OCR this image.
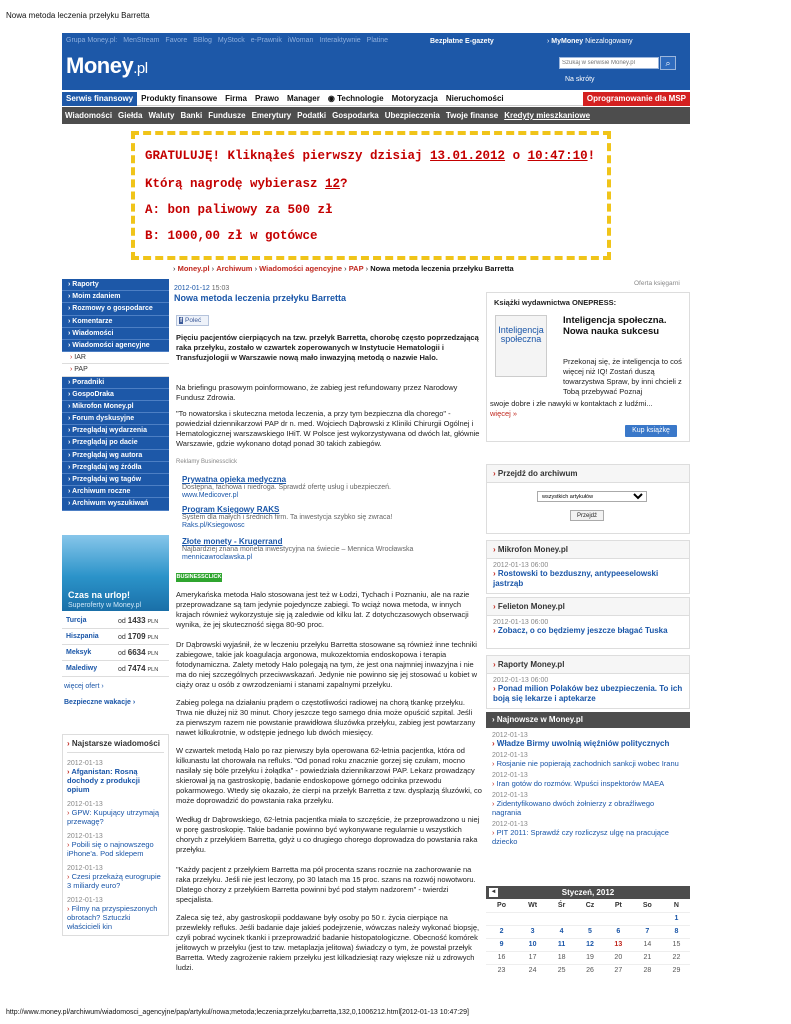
Nowa metoda leczenia przełyku Barretta
Grupa Money.pl: MenStream Favore BBlog MyStock e-Prawnik iWoman Interaktywnie Platine
Money.pl
Bezpłatne E-gazety	› MyMoney Niezalogowany
Szukaj w serwisie Money.pl
⌕
Na skróty
Serwis finansowy Produkty finansowe Firma Prawo Manager ◉ Technologie Motoryzacja Nieruchomości	Oprogramowanie dla MSP
Wiadomości Giełda Waluty Banki Fundusze Emerytury Podatki Gospodarka Ubezpieczenia Twoje finanse Kredyty mieszkaniowe

GRATULUJĘ! Kliknąłeś pierwszy dzisiaj 13.01.2012 o 10:47:10!

Którą nagrodę wybierasz 12?

A: bon paliwowy za 500 zł

B: 1000,00 zł w gotówce

› Money.pl › Archiwum › Wiadomości agencyjne › PAP › Nowa metoda leczenia przełyku Barretta
› Raporty
› Moim zdaniem
› Rozmowy o gospodarce
› Komentarze
› Wiadomości
› Wiadomości agencyjne
› IAR
› PAP
› Poradniki
› GospoDraka
› Mikrofon Money.pl
› Forum dyskusyjne
› Przeglądaj wydarzenia
› Przeglądaj po dacie
› Przeglądaj wg autora
› Przeglądaj wg źródła
› Przeglądaj wg tagów
› Archiwum roczne
› Archiwum wyszukiwań
Czas na urlop!
Superoferty w Money.pl
Turcja	od 1433 PLN
Hiszpania	od 1709 PLN
Meksyk	od 6634 PLN
Malediwy	od 7474 PLN
więcej ofert ›
Bezpieczne wakacje ›
› Najstarsze wiadomości
2012-01-13
› Afganistan: Rosną dochody z produkcji opium
2012-01-13
› GPW: Kupujący utrzymają przewagę?
2012-01-13
› Pobili się o najnowszego iPhone'a. Pod sklepem
2012-01-13
› Czesi przekażą eurogrupie 3 miliardy euro?
2012-01-13
› Filmy na przyspieszonych obrotach? Sztuczki właścicieli kin
2012-01-12 15:03
Nowa metoda leczenia przełyku Barretta
f Poleć
Pięciu pacjentów cierpiących na tzw. przełyk Barretta, chorobę często poprzedzającą raka przełyku, zostało w czwartek zoperowanych w Instytucie Hematologii i Transfuzjologii w Warszawie nową mało inwazyjną metodą o nazwie Halo.
Na briefingu prasowym poinformowano, że zabieg jest refundowany przez Narodowy Fundusz Zdrowia.
"To nowatorska i skuteczna metoda leczenia, a przy tym bezpieczna dla chorego" - powiedział dziennikarzowi PAP dr n. med. Wojciech Dąbrowski z Kliniki Chirurgii Ogólnej i Hematologicznej warszawskiego IHiT. W Polsce jest wykorzystywana od dwóch lat, głównie Warszawie, gdzie wykonano dotąd ponad 30 takich zabiegów.
Reklamy Businessclick
Prywatna opieka medyczna
Dostępna, fachowa i niedroga. Sprawdź ofertę usług i ubezpieczeń.
www.Medicover.pl
Program Księgowy RAKS
System dla małych i średnich firm. Ta inwestycja szybko się zwraca!
Raks.pl/Ksiegowosc
Złote monety - Krugerrand
Najbardziej znana moneta inwestycyjna na świecie – Mennica Wrocławska
mennicawroclawska.pl
BUSINESSCLICK
Amerykańska metoda Halo stosowana jest też w Łodzi, Tychach i Poznaniu, ale na razie przeprowadzane są tam jedynie pojedyncze zabiegi. To wciąż nowa metoda, w innych krajach również wykorzystuje się ją zaledwie od kilku lat. Z dotychczasowych obserwacji wynika, że jej skuteczność sięga 80-90 proc.
Dr Dąbrowski wyjaśnił, że w leczeniu przełyku Barretta stosowane są również inne techniki zabiegowe, takie jak koagulacja argonowa, mukozektomia endoskopowa i terapia fotodynamiczna. Zalety metody Halo polegają na tym, że jest ona najmniej inwazyjna i nie ma do niej szczególnych przeciwwskazań. Jedynie nie powinno się jej stosować u kobiet w ciąży oraz u osób z owrzodzeniami i stanami zapalnymi przełyku.
Zabieg polega na działaniu prądem o częstotliwości radiowej na chorą tkankę przełyku. Trwa nie dłużej niż 30 minut. Chory jeszcze tego samego dnia może opuścić szpital. Jeśli za pierwszym razem nie powstanie prawidłowa śluzówka przełyku, zabieg jest powtarzany nawet kilkukrotnie, w odstępie jednego lub dwóch miesięcy.
W czwartek metodą Halo po raz pierwszy była operowana 62-letnia pacjentka, która od kilkunastu lat chorowała na refluks. "Od ponad roku znacznie gorzej się czułam, mocno nasilały się bóle przełyku i żołądka" - powiedziała dziennikarzowi PAP. Lekarz prowadzący skierował ją na gastroskopię, badanie endoskopowe górnego odcinka przewodu pokarmowego. Wtedy się okazało, że cierpi na przełyk Barretta z tzw. dysplazją śluzówki, co może doprowadzić do powstania raka przełyku.
Według dr Dąbrowskiego, 62-letnia pacjentka miała to szczęście, że przeprowadzono u niej w porę gastroskopię. Takie badanie powinno być wykonywane regularnie u wszystkich chorych z przełykiem Barretta, gdyż u co drugiego chorego doprowadza do powstania raka przełyku.
"Każdy pacjent z przełykiem Barretta ma pół procenta szans rocznie na zachorowanie na raka przełyku. Jeśli nie jest leczony, po 30 latach ma 15 proc. szans na rozwój nowotworu. Dlatego chorzy z przełykiem Barretta powinni być pod stałym nadzorem" - twierdzi specjalista.
Zaleca się też, aby gastroskopii poddawane były osoby po 50 r. życia cierpiące na przewlekły refluks. Jeśli badanie daje jakieś podejrzenie, wówczas należy wykonać biopsję, czyli pobrać wycinek tkanki i przeprowadzić badanie histopatologiczne. Obecność komórek jelitowych w przełyku (jest to tzw. metaplazja jelitowa) świadczy o tym, że powstał przełyk Barretta. Wtedy zagrożenie rakiem przełyku jest kilkadziesiąt razy większe niż u zdrowych ludzi.
Oferta księgarni
Książki wydawnictwa ONEPRESS:
Inteligencja
społeczna
Inteligencja społeczna. Nowa nauka sukcesu
Przekonaj się, że inteligencja to coś więcej niż IQ! Zostań duszą towarzystwa Spraw, by inni chcieli z Tobą przebywać Poznaj
swoje dobre i złe nawyki w kontaktach z ludźmi...
więcej »
Kup książkę
› Przejdź do archiwum
wszystkich artykułów
Przejdź
› Mikrofon Money.pl
2012-01-13 06:00
› Rostowski to bezduszny, antypeeselowski jastrząb
› Felieton Money.pl
2012-01-13 06:00
› Zobacz, o co będziemy jeszcze błagać Tuska
› Raporty Money.pl
2012-01-13 06:00
› Ponad milion Polaków bez ubezpieczenia. To ich boją się lekarze i aptekarze
› Najnowsze w Money.pl
2012-01-13
› Władze Birmy uwolnią więźniów politycznych
2012-01-13
› Rosjanie nie popierają zachodnich sankcji wobec Iranu
2012-01-13
› Iran gotów do rozmów. Wpuści inspektorów MAEA
2012-01-13
› Zidentyfikowano dwóch żołnierzy z obraźliwego nagrania
2012-01-13
› PIT 2011: Sprawdź czy rozliczysz ulgę na pracujące dziecko
◄	Styczeń, 2012
Po	Wt	Śr	Cz	Pt	So	N
						1
2	3	4	5	6	7	8
9	10	11	12	13	14	15
16	17	18	19	20	21	22
23	24	25	26	27	28	29
http://www.money.pl/archiwum/wiadomosci_agencyjne/pap/artykul/nowa;metoda;leczenia;przelyku;barretta,132,0,1006212.html[2012-01-13 10:47:29]
